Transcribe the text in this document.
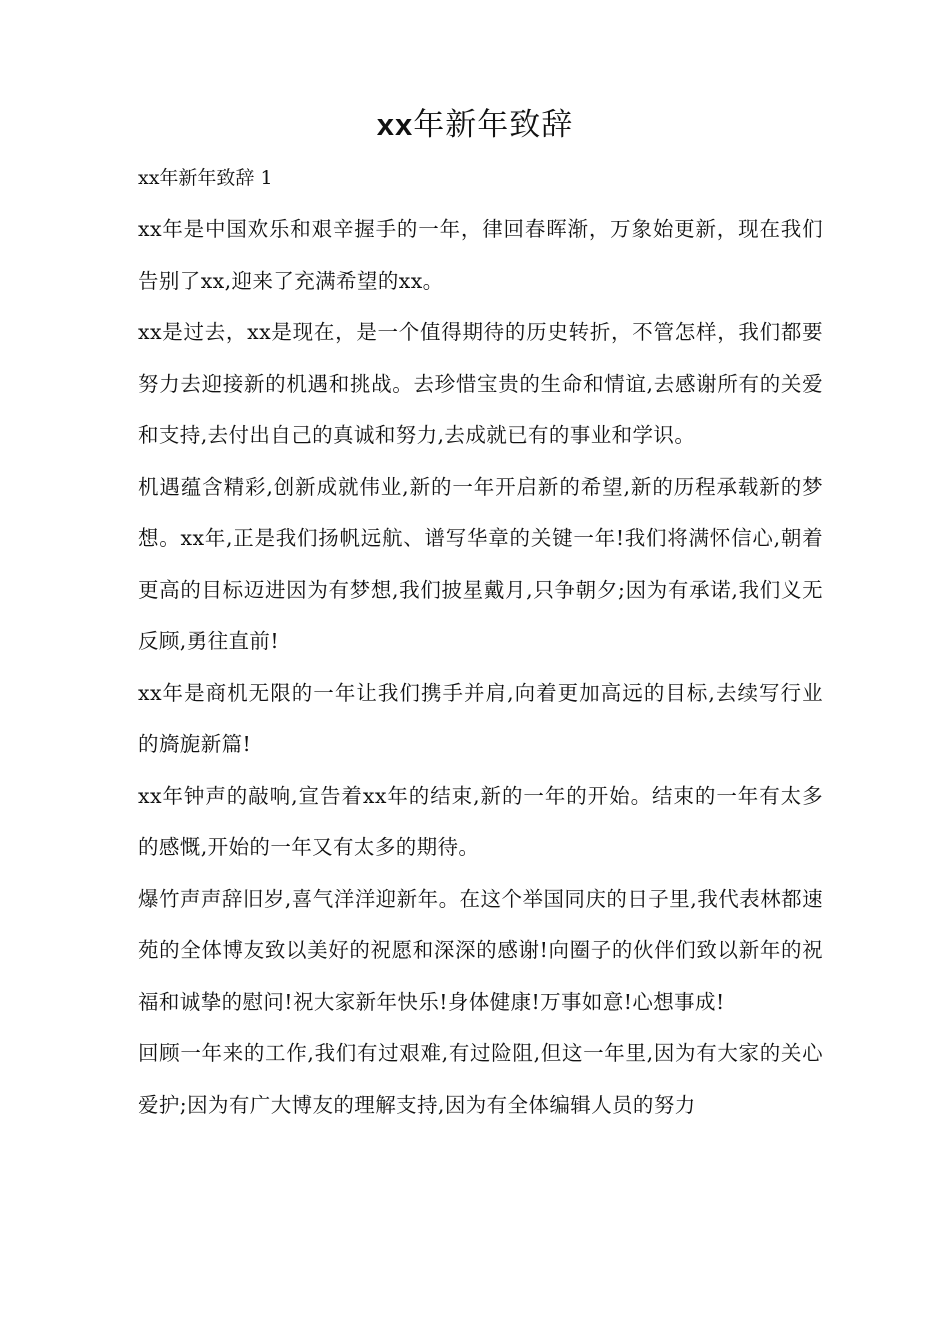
xx年新年致辞
xx年新年致辞 1

xx年是中国欢乐和艰辛握手的一年，律回春晖渐，万象始更新，现在我们告别了xx,迎来了充满希望的xx。

xx是过去，xx是现在，是一个值得期待的历史转折，不管怎样，我们都要努力去迎接新的机遇和挑战。去珍惜宝贵的生命和情谊,去感谢所有的关爱和支持,去付出自己的真诚和努力,去成就已有的事业和学识。

机遇蕴含精彩,创新成就伟业,新的一年开启新的希望,新的历程承载新的梦想。xx年,正是我们扬帆远航、谱写华章的关键一年!我们将满怀信心,朝着更高的目标迈进因为有梦想,我们披星戴月,只争朝夕;因为有承诺,我们义无反顾,勇往直前!

xx年是商机无限的一年让我们携手并肩,向着更加高远的目标,去续写行业的旖旎新篇!

xx年钟声的敲响,宣告着xx年的结束,新的一年的开始。结束的一年有太多的感慨,开始的一年又有太多的期待。

爆竹声声辞旧岁,喜气洋洋迎新年。在这个举国同庆的日子里,我代表林都速苑的全体博友致以美好的祝愿和深深的感谢!向圈子的伙伴们致以新年的祝福和诚挚的慰问!祝大家新年快乐!身体健康!万事如意!心想事成!

回顾一年来的工作,我们有过艰难,有过险阻,但这一年里,因为有大家的关心爱护;因为有广大博友的理解支持,因为有全体编辑人员的努力
